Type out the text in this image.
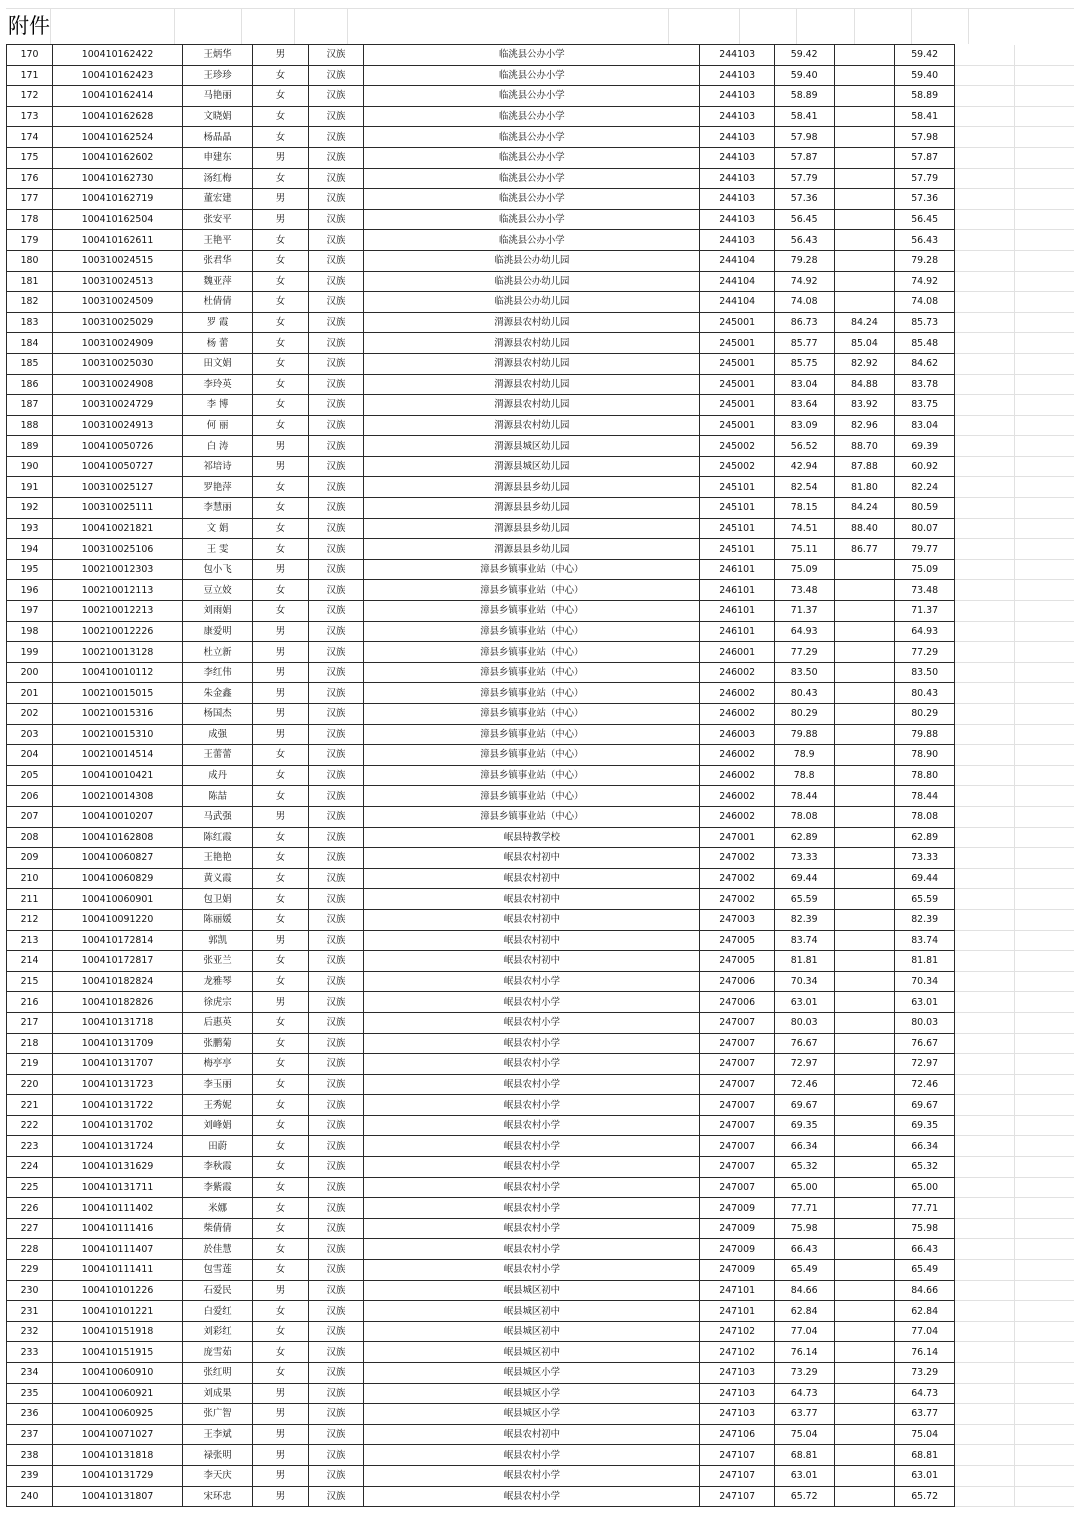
附件
170	100410162422	王炳华	男	汉族	临洮县公办小学	244103	59.42		59.42		
171	100410162423	王珍珍	女	汉族	临洮县公办小学	244103	59.40		59.40		
172	100410162414	马艳丽	女	汉族	临洮县公办小学	244103	58.89		58.89		
173	100410162628	文晓娟	女	汉族	临洮县公办小学	244103	58.41		58.41		
174	100410162524	杨晶晶	女	汉族	临洮县公办小学	244103	57.98		57.98		
175	100410162602	申建东	男	汉族	临洮县公办小学	244103	57.87		57.87		
176	100410162730	汤红梅	女	汉族	临洮县公办小学	244103	57.79		57.79		
177	100410162719	董宏建	男	汉族	临洮县公办小学	244103	57.36		57.36		
178	100410162504	张安平	男	汉族	临洮县公办小学	244103	56.45		56.45		
179	100410162611	王艳平	女	汉族	临洮县公办小学	244103	56.43		56.43		
180	100310024515	张君华	女	汉族	临洮县公办幼儿园	244104	79.28		79.28		
181	100310024513	魏亚萍	女	汉族	临洮县公办幼儿园	244104	74.92		74.92		
182	100310024509	杜倩倩	女	汉族	临洮县公办幼儿园	244104	74.08		74.08		
183	100310025029	罗 霞	女	汉族	渭源县农村幼儿园	245001	86.73	84.24	85.73		
184	100310024909	杨 蕾	女	汉族	渭源县农村幼儿园	245001	85.77	85.04	85.48		
185	100310025030	田文娟	女	汉族	渭源县农村幼儿园	245001	85.75	82.92	84.62		
186	100310024908	李玲英	女	汉族	渭源县农村幼儿园	245001	83.04	84.88	83.78		
187	100310024729	李 博	女	汉族	渭源县农村幼儿园	245001	83.64	83.92	83.75		
188	100310024913	何 丽	女	汉族	渭源县农村幼儿园	245001	83.09	82.96	83.04		
189	100410050726	白 涛	男	汉族	渭源县城区幼儿园	245002	56.52	88.70	69.39		
190	100410050727	祁培诗	男	汉族	渭源县城区幼儿园	245002	42.94	87.88	60.92		
191	100310025127	罗艳萍	女	汉族	渭源县县乡幼儿园	245101	82.54	81.80	82.24		
192	100310025111	李慧丽	女	汉族	渭源县县乡幼儿园	245101	78.15	84.24	80.59		
193	100410021821	文 娟	女	汉族	渭源县县乡幼儿园	245101	74.51	88.40	80.07		
194	100310025106	王 雯	女	汉族	渭源县县乡幼儿园	245101	75.11	86.77	79.77		
195	100210012303	包小飞	男	汉族	漳县乡镇事业站（中心）	246101	75.09		75.09		
196	100210012113	豆立姣	女	汉族	漳县乡镇事业站（中心）	246101	73.48		73.48		
197	100210012213	刘雨娟	女	汉族	漳县乡镇事业站（中心）	246101	71.37		71.37		
198	100210012226	康爱明	男	汉族	漳县乡镇事业站（中心）	246101	64.93		64.93		
199	100210013128	杜立新	男	汉族	漳县乡镇事业站（中心）	246001	77.29		77.29		
200	100410010112	李红伟	男	汉族	漳县乡镇事业站（中心）	246002	83.50		83.50		
201	100210015015	朱金鑫	男	汉族	漳县乡镇事业站（中心）	246002	80.43		80.43		
202	100210015316	杨国杰	男	汉族	漳县乡镇事业站（中心）	246002	80.29		80.29		
203	100210015310	成强	男	汉族	漳县乡镇事业站（中心）	246003	79.88		79.88		
204	100210014514	王蕾蕾	女	汉族	漳县乡镇事业站（中心）	246002	78.9		78.90		
205	100410010421	成丹	女	汉族	漳县乡镇事业站（中心）	246002	78.8		78.80		
206	100210014308	陈喆	女	汉族	漳县乡镇事业站（中心）	246002	78.44		78.44		
207	100410010207	马武强	男	汉族	漳县乡镇事业站（中心）	246002	78.08		78.08		
208	100410162808	陈红霞	女	汉族	岷县特教学校	247001	62.89		62.89		
209	100410060827	王艳艳	女	汉族	岷县农村初中	247002	73.33		73.33		
210	100410060829	黄义霞	女	汉族	岷县农村初中	247002	69.44		69.44		
211	100410060901	包卫娟	女	汉族	岷县农村初中	247002	65.59		65.59		
212	100410091220	陈丽媛	女	汉族	岷县农村初中	247003	82.39		82.39		
213	100410172814	郭凯	男	汉族	岷县农村初中	247005	83.74		83.74		
214	100410172817	张亚兰	女	汉族	岷县农村初中	247005	81.81		81.81		
215	100410182824	龙雅琴	女	汉族	岷县农村小学	247006	70.34		70.34		
216	100410182826	徐虎宗	男	汉族	岷县农村小学	247006	63.01		63.01		
217	100410131718	后惠英	女	汉族	岷县农村小学	247007	80.03		80.03		
218	100410131709	张鹏菊	女	汉族	岷县农村小学	247007	76.67		76.67		
219	100410131707	梅亭亭	女	汉族	岷县农村小学	247007	72.97		72.97		
220	100410131723	李玉丽	女	汉族	岷县农村小学	247007	72.46		72.46		
221	100410131722	王秀妮	女	汉族	岷县农村小学	247007	69.67		69.67		
222	100410131702	刘峰娟	女	汉族	岷县农村小学	247007	69.35		69.35		
223	100410131724	田蔚	女	汉族	岷县农村小学	247007	66.34		66.34		
224	100410131629	李秋霞	女	汉族	岷县农村小学	247007	65.32		65.32		
225	100410131711	李紫霞	女	汉族	岷县农村小学	247007	65.00		65.00		
226	100410111402	米娜	女	汉族	岷县农村小学	247009	77.71		77.71		
227	100410111416	柴倩倩	女	汉族	岷县农村小学	247009	75.98		75.98		
228	100410111407	於佳慧	女	汉族	岷县农村小学	247009	66.43		66.43		
229	100410111411	包雪莲	女	汉族	岷县农村小学	247009	65.49		65.49		
230	100410101226	石爱民	男	汉族	岷县城区初中	247101	84.66		84.66		
231	100410101221	白爱红	女	汉族	岷县城区初中	247101	62.84		62.84		
232	100410151918	刘彩红	女	汉族	岷县城区初中	247102	77.04		77.04		
233	100410151915	庞雪茹	女	汉族	岷县城区初中	247102	76.14		76.14		
234	100410060910	张红明	女	汉族	岷县城区小学	247103	73.29		73.29		
235	100410060921	刘成果	男	汉族	岷县城区小学	247103	64.73		64.73		
236	100410060925	张广智	男	汉族	岷县城区小学	247103	63.77		63.77		
237	100410071027	王李斌	男	汉族	岷县农村初中	247106	75.04		75.04		
238	100410131818	禄张明	男	汉族	岷县农村小学	247107	68.81		68.81		
239	100410131729	李天庆	男	汉族	岷县农村小学	247107	63.01		63.01		
240	100410131807	宋环忠	男	汉族	岷县农村小学	247107	65.72		65.72		
